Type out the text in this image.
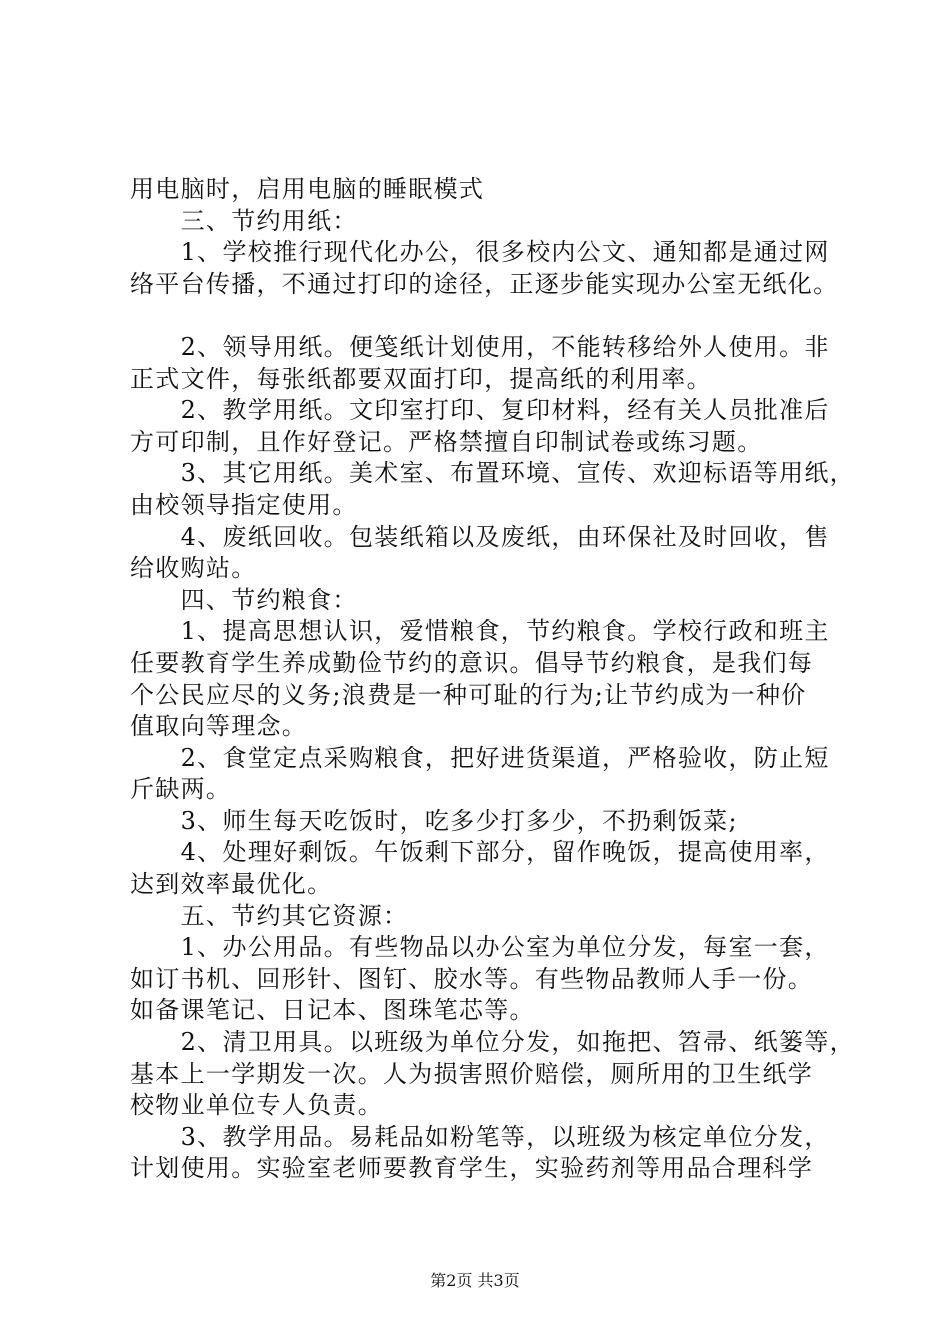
用电脑时，启用电脑的睡眠模式
　　三、节约用纸：
　　1、学校推行现代化办公，很多校内公文、通知都是通过网
络平台传播，不通过打印的途径，正逐步能实现办公室无纸化。
　　2、领导用纸。便笺纸计划使用，不能转移给外人使用。非
正式文件，每张纸都要双面打印，提高纸的利用率。
　　2、教学用纸。文印室打印、复印材料，经有关人员批准后
方可印制，且作好登记。严格禁擅自印制试卷或练习题。
　　3、其它用纸。美术室、布置环境、宣传、欢迎标语等用纸，
由校领导指定使用。
　　4、废纸回收。包装纸箱以及废纸，由环保社及时回收，售
给收购站。
　　四、节约粮食：
　　1、提高思想认识，爱惜粮食，节约粮食。学校行政和班主
任要教育学生养成勤俭节约的意识。倡导节约粮食，是我们每
个公民应尽的义务;浪费是一种可耻的行为;让节约成为一种价
值取向等理念。
　　2、食堂定点采购粮食，把好进货渠道，严格验收，防止短
斤缺两。
　　3、师生每天吃饭时，吃多少打多少，不扔剩饭菜;
　　4、处理好剩饭。午饭剩下部分，留作晚饭，提高使用率，
达到效率最优化。
　　五、节约其它资源：
　　1、办公用品。有些物品以办公室为单位分发，每室一套，
如订书机、回形针、图钉、胶水等。有些物品教师人手一份。
如备课笔记、日记本、图珠笔芯等。
　　2、清卫用具。以班级为单位分发，如拖把、笤帚、纸篓等，
基本上一学期发一次。人为损害照价赔偿，厕所用的卫生纸学
校物业单位专人负责。
　　3、教学用品。易耗品如粉笔等，以班级为核定单位分发，
计划使用。实验室老师要教育学生，实验药剂等用品合理科学
第2页 共3页
